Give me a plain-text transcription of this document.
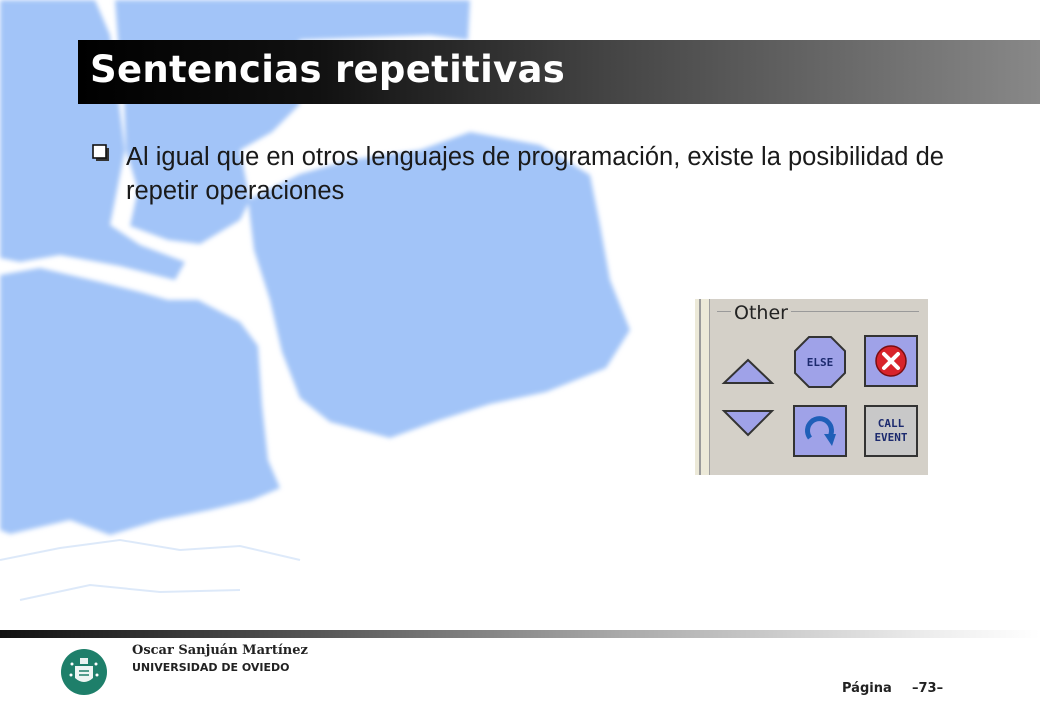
Sentencias repetitivas
Al igual que en otros lenguajes de programación, existe la posibilidad de repetir operaciones
Other
ELSE
CALL
EVENT
Oscar Sanjuán Martínez
UNIVERSIDAD DE OVIEDO
Página –73–
